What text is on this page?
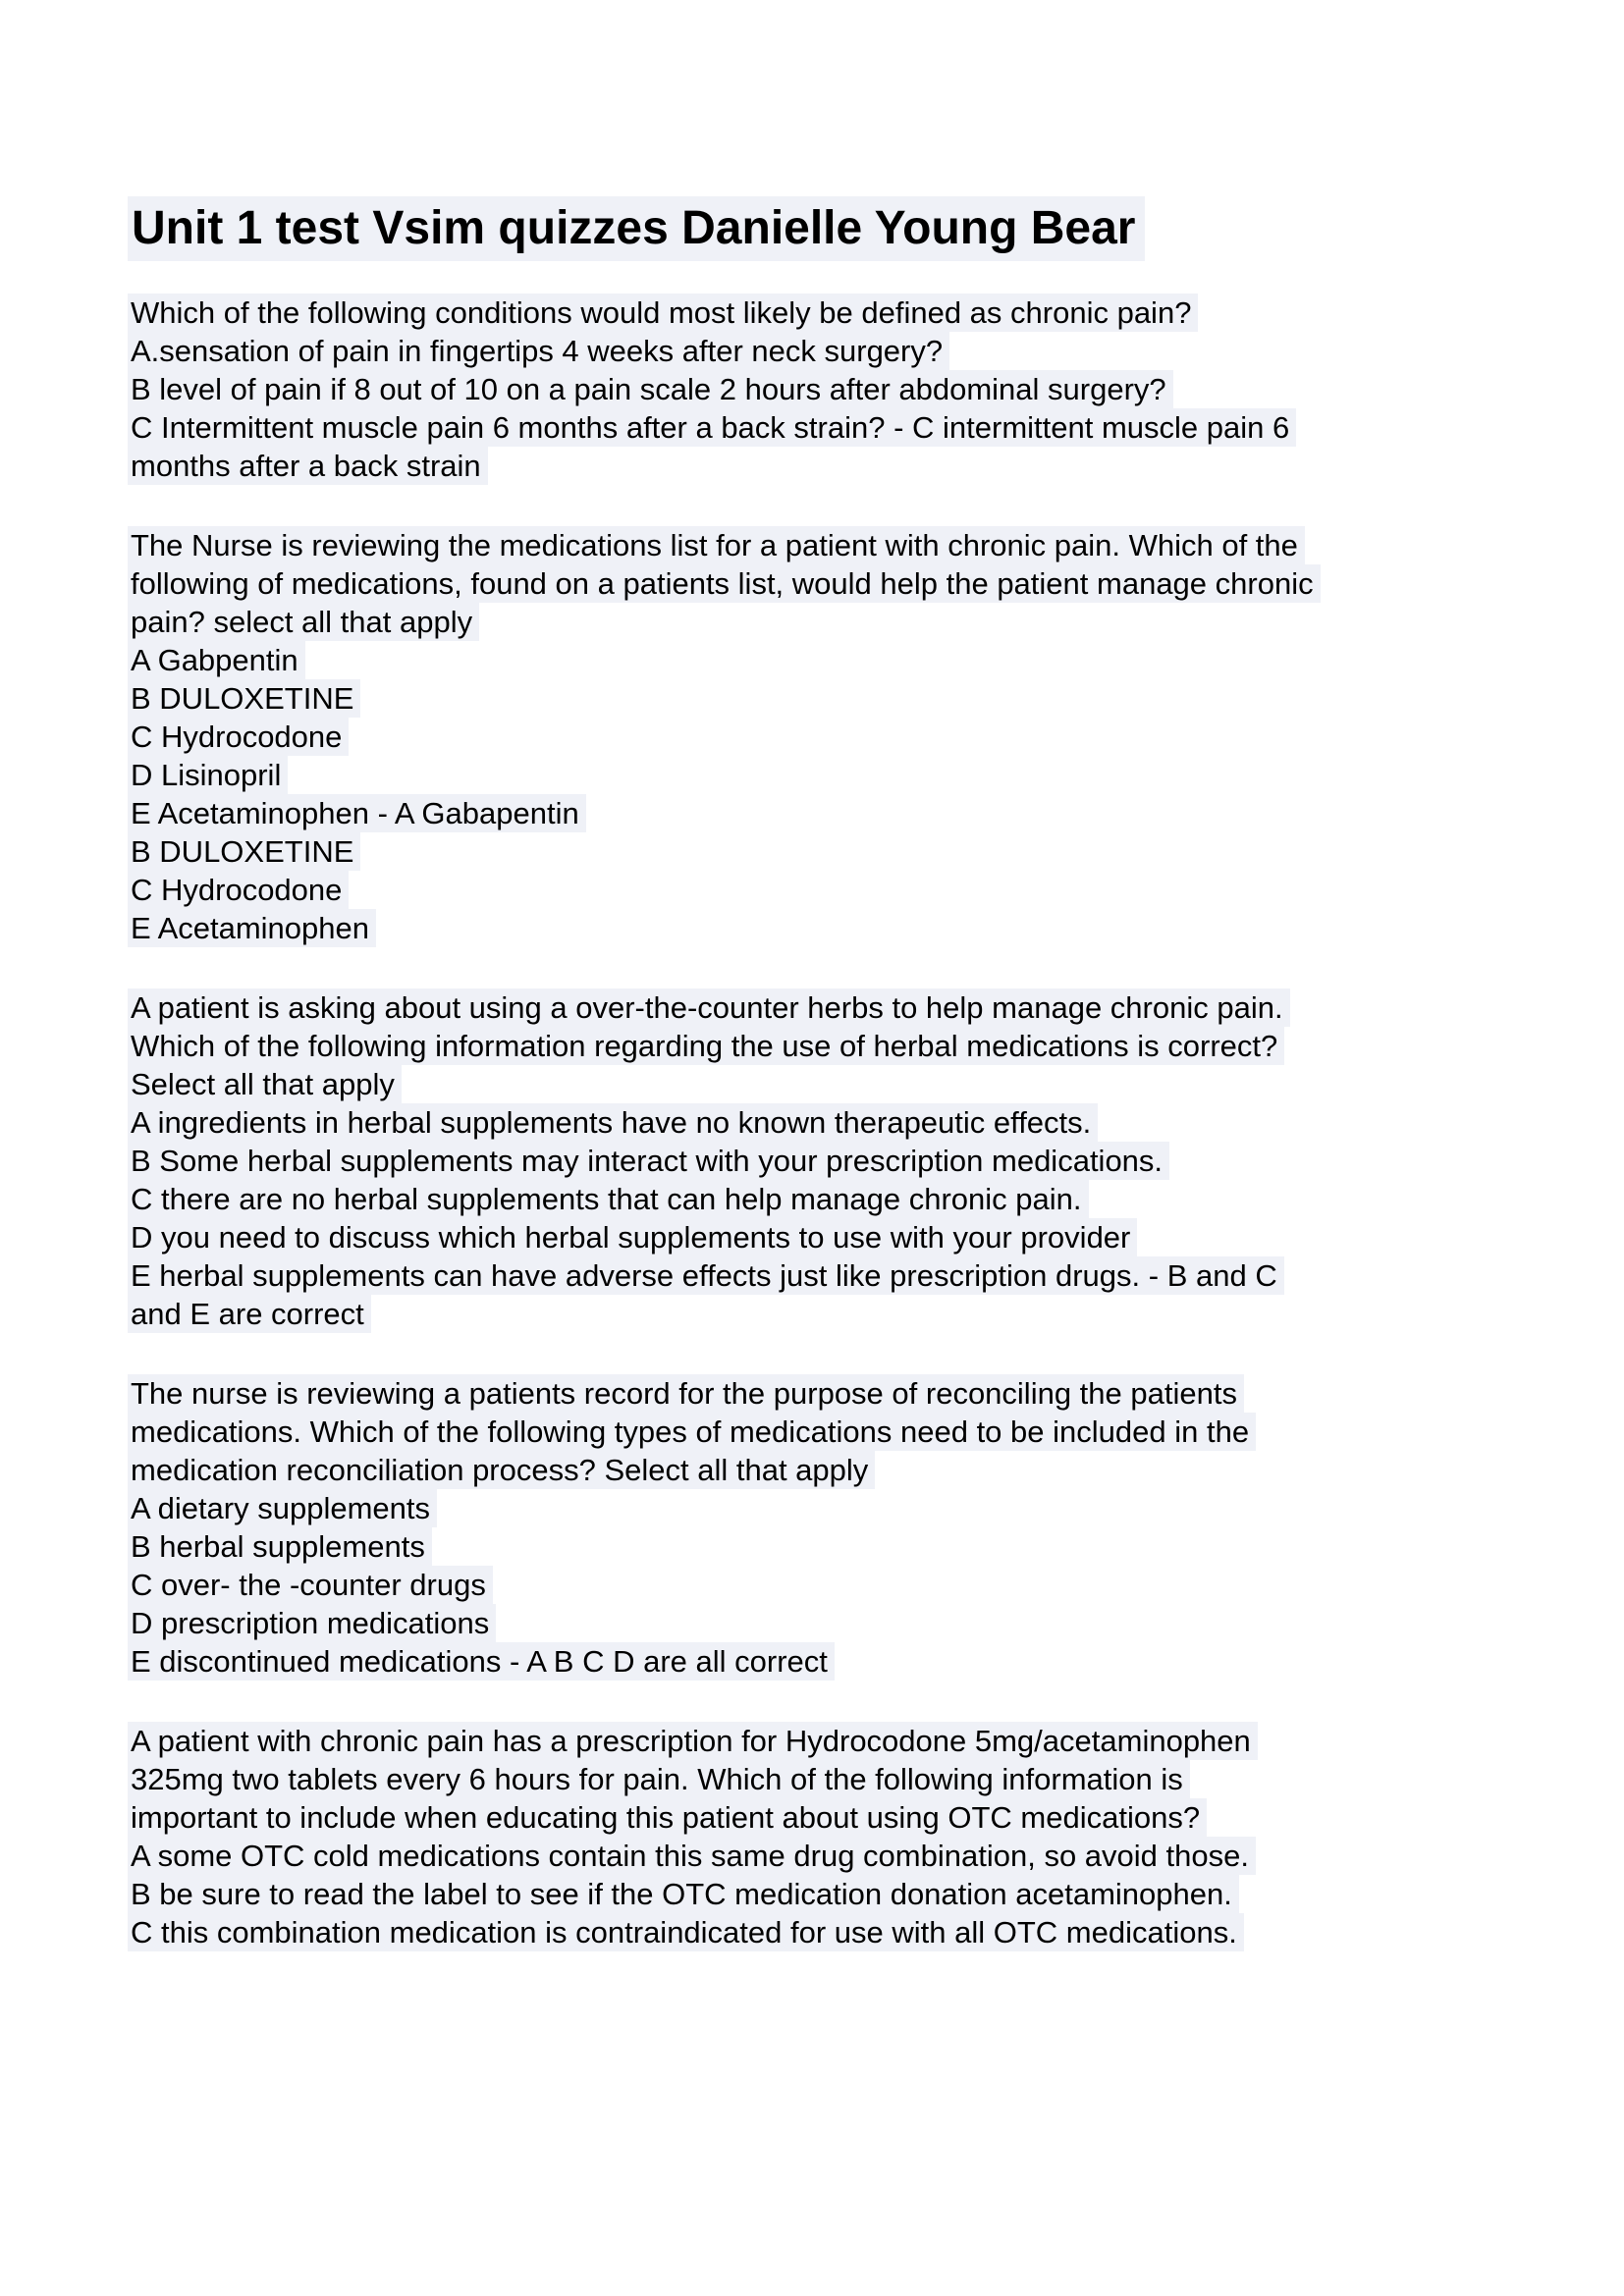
Unit 1 test Vsim quizzes Danielle Young Bear
Which of the following conditions would most likely be defined as chronic pain?
A.sensation of pain in fingertips 4 weeks after neck surgery?
B level of pain if 8 out of 10 on a pain scale 2 hours after abdominal surgery?
C Intermittent muscle pain 6 months after a back strain? - C intermittent muscle pain 6
months after a back strain
The Nurse is reviewing the medications list for a patient with chronic pain. Which of the
following of medications, found on a patients list, would help the patient manage chronic
pain? select all that apply
A Gabpentin
B DULOXETINE
C Hydrocodone
D Lisinopril
E Acetaminophen - A Gabapentin
B DULOXETINE
C Hydrocodone
E Acetaminophen
A patient is asking about using a over-the-counter herbs to help manage chronic pain.
Which of the following information regarding the use of herbal medications is correct?
Select all that apply
A ingredients in herbal supplements have no known therapeutic effects.
B Some herbal supplements may interact with your prescription medications.
C there are no herbal supplements that can help manage chronic pain.
D you need to discuss which herbal supplements to use with your provider
E herbal supplements can have adverse effects just like prescription drugs. - B and C
and E are correct
The nurse is reviewing a patients record for the purpose of reconciling the patients
medications. Which of the following types of medications need to be included in the
medication reconciliation process? Select all that apply
A dietary supplements
B herbal supplements
C over- the -counter drugs
D prescription medications
E discontinued medications - A B C D are all correct
A patient with chronic pain has a prescription for Hydrocodone 5mg/acetaminophen
325mg two tablets every 6 hours for pain. Which of the following information is
important to include when educating this patient about using OTC medications?
A some OTC cold medications contain this same drug combination, so avoid those.
B be sure to read the label to see if the OTC medication donation acetaminophen.
C this combination medication is contraindicated for use with all OTC medications.
